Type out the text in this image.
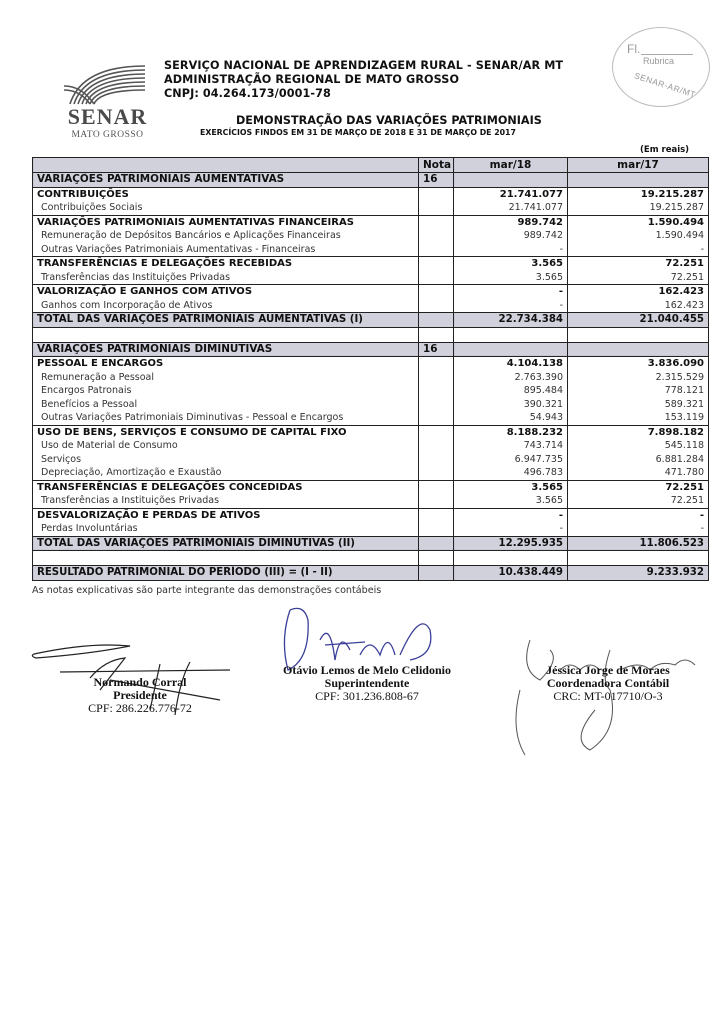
SENAR
MATO GROSSO
SERVIÇO NACIONAL DE APRENDIZAGEM RURAL - SENAR/AR MT
ADMINISTRAÇÃO REGIONAL DE MATO GROSSO
CNPJ: 04.264.173/0001-78
DEMONSTRAÇÃO DAS VARIAÇÕES PATRIMONIAIS
EXERCÍCIOS FINDOS EM 31 DE MARÇO DE 2018 E 31 DE MARÇO DE 2017
Fl.
Rubrica
SENAR-AR/MT
(Em reais)
	Nota	mar/18	mar/17
VARIAÇÕES PATRIMONIAIS AUMENTATIVAS	16		
CONTRIBUIÇÕES		21.741.077	19.215.287
Contribuições Sociais		21.741.077	19.215.287
VARIAÇÕES PATRIMONIAIS AUMENTATIVAS FINANCEIRAS		989.742	1.590.494
Remuneração de Depósitos Bancários e Aplicações Financeiras		989.742	1.590.494
Outras Variações Patrimoniais Aumentativas - Financeiras		-	-
TRANSFERÊNCIAS E DELEGAÇÕES RECEBIDAS		3.565	72.251
Transferências das Instituições Privadas		3.565	72.251
VALORIZAÇÃO E GANHOS COM ATIVOS		-	162.423
Ganhos com Incorporação de Ativos		-	162.423
TOTAL DAS VARIAÇÕES PATRIMONIAIS AUMENTATIVAS (I)		22.734.384	21.040.455

VARIAÇÕES PATRIMONIAIS DIMINUTIVAS	16		
PESSOAL E ENCARGOS		4.104.138	3.836.090
Remuneração a Pessoal		2.763.390	2.315.529
Encargos Patronais		895.484	778.121
Benefícios a Pessoal		390.321	589.321
Outras Variações Patrimoniais Diminutivas - Pessoal e Encargos		54.943	153.119
USO DE BENS, SERVIÇOS E CONSUMO DE CAPITAL FIXO		8.188.232	7.898.182
Uso de Material de Consumo		743.714	545.118
Serviços		6.947.735	6.881.284
Depreciação, Amortização e Exaustão		496.783	471.780
TRANSFERÊNCIAS E DELEGAÇÕES CONCEDIDAS		3.565	72.251
Transferências a Instituições Privadas		3.565	72.251
DESVALORIZAÇÃO E PERDAS DE ATIVOS		-	-
Perdas Involuntárias		-	-
TOTAL DAS VARIAÇÕES PATRIMONIAIS DIMINUTIVAS (II)		12.295.935	11.806.523

RESULTADO PATRIMONIAL DO PERÍODO (III) = (I - II)		10.438.449	9.233.932
As notas explicativas são parte integrante das demonstrações contábeis
Normando Corral
Presidente
CPF: 286.226.776-72
Otávio Lemos de Melo Celidonio
Superintendente
CPF: 301.236.808-67
Jéssica Jorge de Moraes
Coordenadora Contábil
CRC: MT-017710/O-3
